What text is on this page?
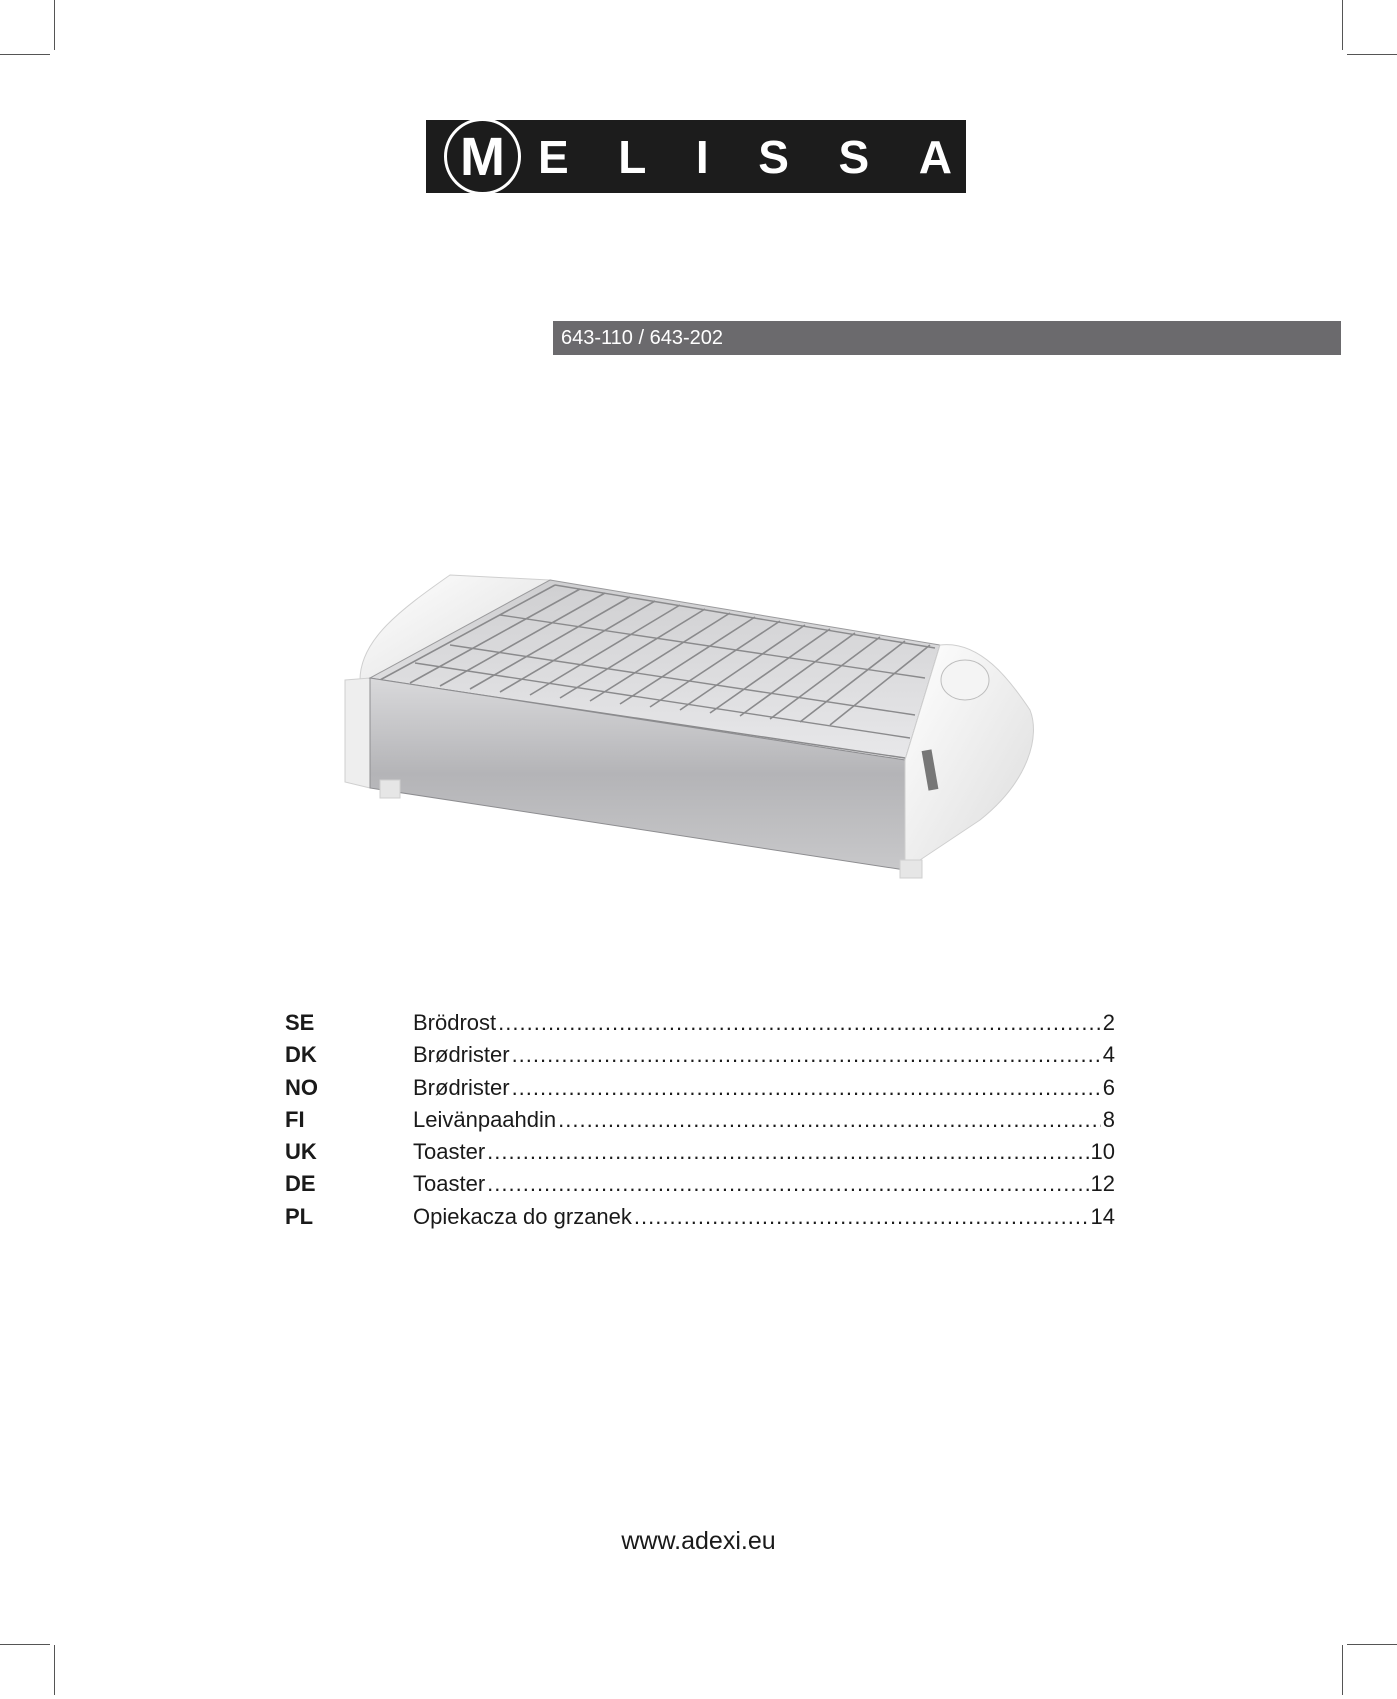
M E L I S S A
643-110 / 643-202
SE	Brödrost .....	2
DK	Brødrister .....	4
NO	Brødrister .....	6
FI	Leivänpaahdin .....	8
UK	Toaster .....	10
DE	Toaster .....	12
PL	Opiekacza do grzanek .....	14
www.adexi.eu
